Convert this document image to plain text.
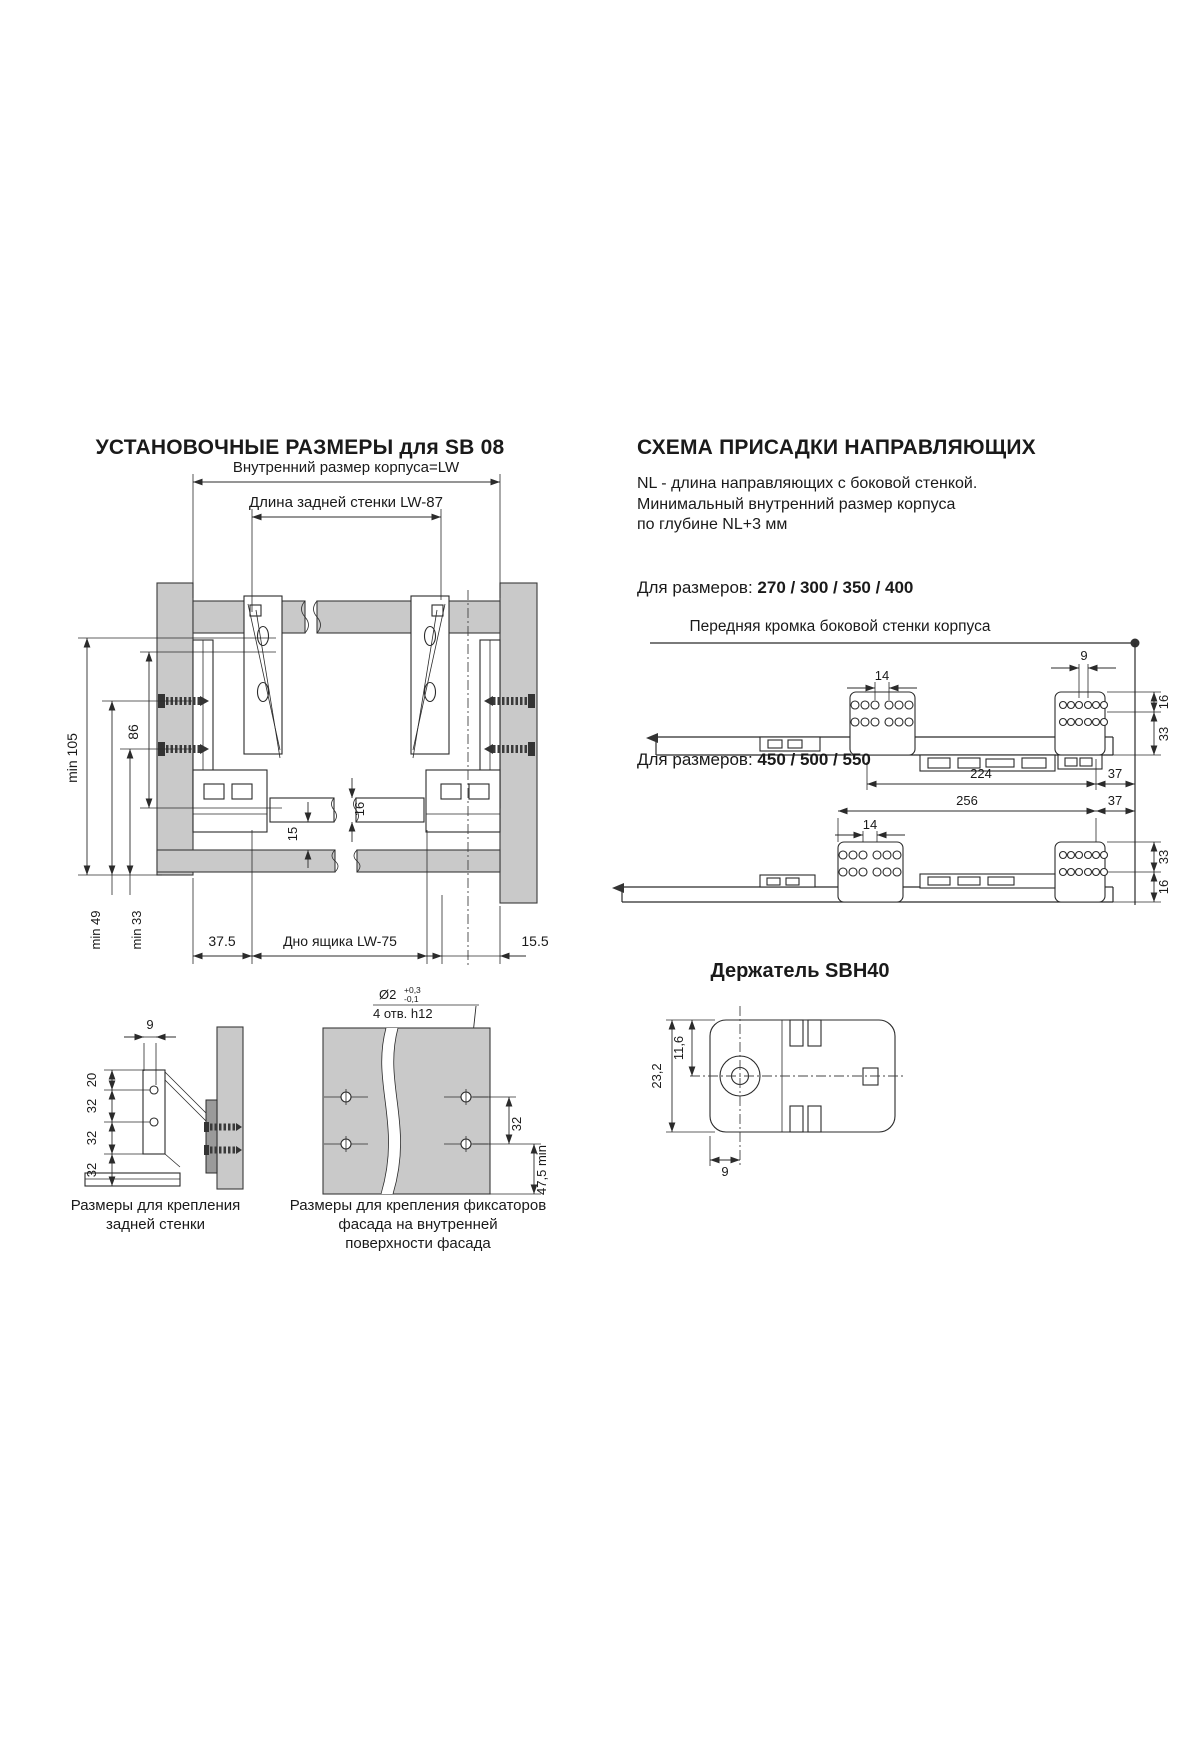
УСТАНОВОЧНЫЕ РАЗМЕРЫ для SB 08
Внутренний размер корпуса=LW
Длина задней стенки LW-87
min 105
86
min 49 min 33
16
15
37.5	Дно ящика LW-75	15.5
9
20
32
32
32
Ø2 +0,3
-0,1
4 отв. h12
32
47,5 min
Размеры для крепления
задней стенки
Размеры для крепления фиксаторов
фасада на внутренней
поверхности фасада
СХЕМА ПРИСАДКИ НАПРАВЛЯЮЩИХ
NL - длина направляющих с боковой стенкой.
Минимальный внутренний размер корпуса
по глубине NL+3 мм
Для размеров: 270 / 300 / 350 / 400
Передняя кромка боковой стенки корпуса
14
9
224	37
16
33
256	37
14
33
16
Для размеров: 450 / 500 / 550
Держатель SBH40
23,2
11,6
9
